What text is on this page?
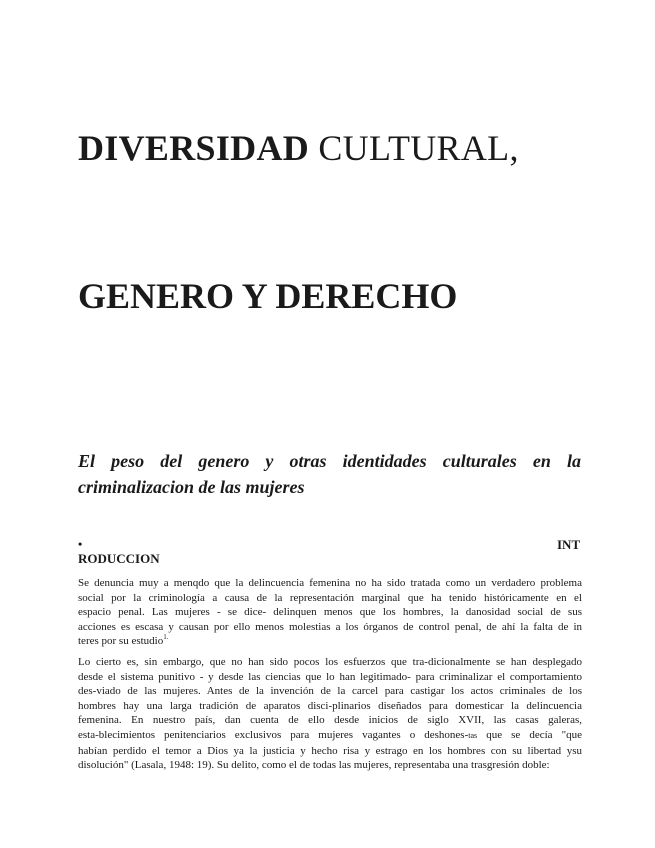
DIVERSIDAD CULTURAL,
GENERO Y DERECHO
El peso del genero y otras identidades culturales en la
criminalizacion de las mujeres
•	INT
RODUCCION
Se denuncia muy a menqdo que la delincuencia femenina no ha sido tratada como un verdadero problema
social por la criminología a causa de la representación marginal que ha tenido históricamente en el
espacio penal. Las mujeres - se dice- delinquen menos que los hombres, la danosidad social de sus
acciones es escasa y causan por ello menos molestias a los órganos de control penal, de ahí la falta de in
teres por su estudio$^{1.}$
Lo cierto es, sin embargo, que no han sido pocos los esfuerzos que tra-dicionalmente se han desplegado
desde el sistema punitivo - y desde las ciencias que lo han legitimado- para criminalizar el comportamiento
des-viado de las mujeres. Antes de la invención de la carcel para castigar los actos criminales de los
hombres hay una larga tradición de aparatos disci-plinarios diseñados para domesticar la delincuencia
femenina. En nuestro país, dan cuenta de ello desde inicios de siglo XVII, las casas galeras,
esta-blecimientos penitenciarios exclusivos para mujeres vagantes o deshones-tas que se decía "que
habían perdido el temor a Dios ya la justicia y hecho risa y estrago en los hombres con su libertad ysu
disolución" (Lasala, 1948: 19). Su delito, como el de todas las mujeres, representaba una trasgresión doble:
